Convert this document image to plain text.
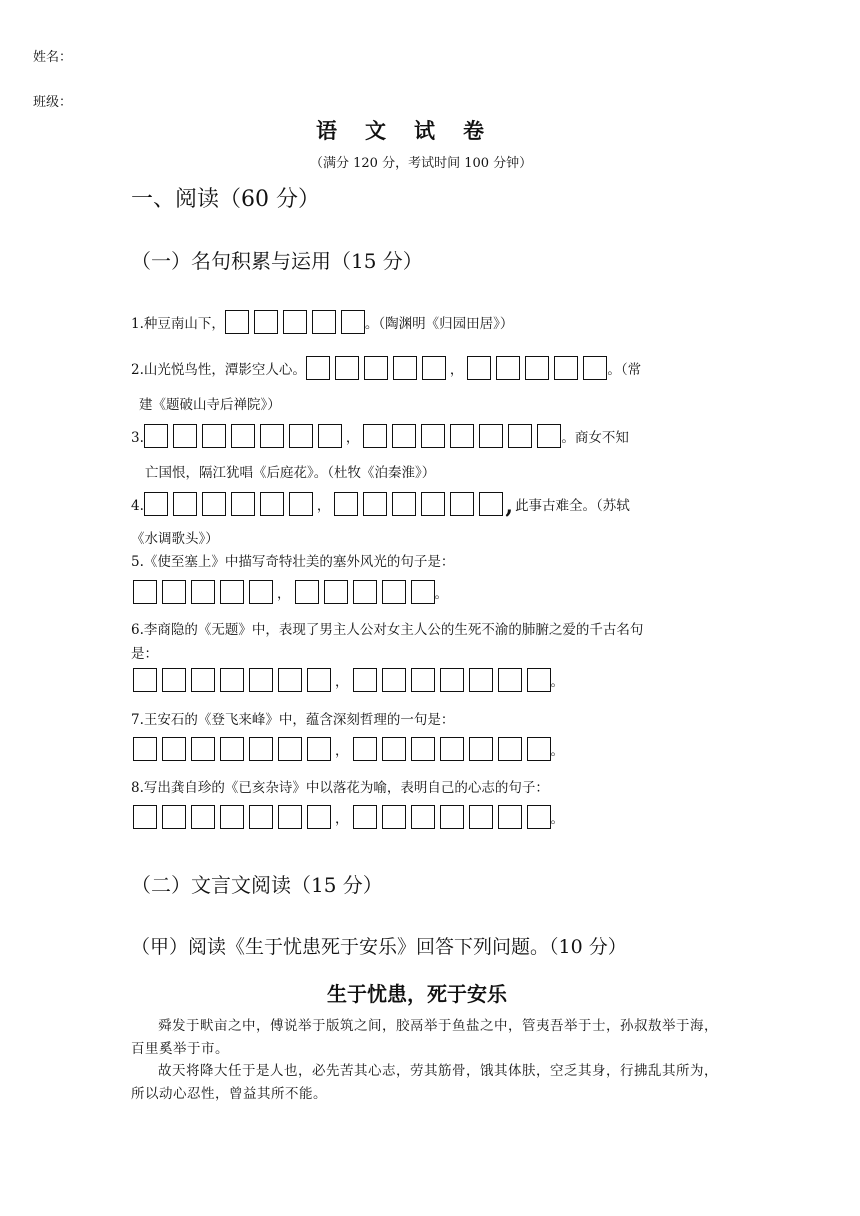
姓名：
班级：
语文试卷
（满分 120 分，考试时间 100 分钟）
一、阅读（60 分）
（一）名句积累与运用（15 分）
1.种豆南山下，	。（陶渊明《归园田居》）
2.山光悦鸟性，潭影空人心。	，	。（常
建《题破山寺后禅院》）
3.	，	。商女不知
亡国恨，隔江犹唱《后庭花》。（杜牧《泊秦淮》）
4.	，	, 此事古难全。（苏轼
《水调歌头》）
5.《使至塞上》中描写奇特壮美的塞外风光的句子是：
，	。
6.李商隐的《无题》中，表现了男主人公对女主人公的生死不渝的肺腑之爱的千古名句
是：
，	。
7.王安石的《登飞来峰》中，蕴含深刻哲理的一句是：
，	。
8.写出龚自珍的《已亥杂诗》中以落花为喻，表明自己的心志的句子：
，	。
（二）文言文阅读（15 分）
（甲）阅读《生于忧患死于安乐》回答下列问题。（10 分）
生于忧患，死于安乐
舜发于畎亩之中，傅说举于版筑之间，胶鬲举于鱼盐之中，管夷吾举于士，孙叔敖举于海，百里奚举于市。
故天将降大任于是人也，必先苦其心志，劳其筋骨，饿其体肤，空乏其身，行拂乱其所为，所以动心忍性，曾益其所不能。
